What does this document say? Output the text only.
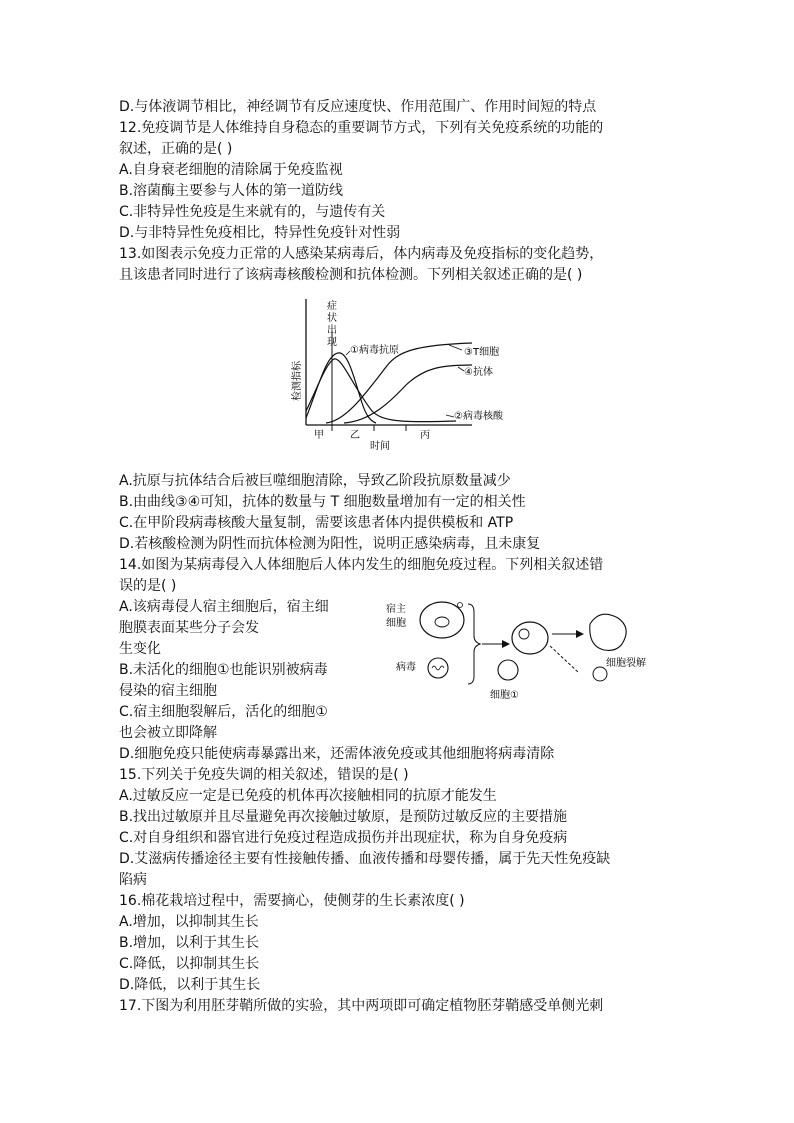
D.与体液调节相比，神经调节有反应速度快、作用范围广、作用时间短的特点
12.免疫调节是人体维持自身稳态的重要调节方式，下列有关免疫系统的功能的
叙述，正确的是( )
A.自身衰老细胞的清除属于免疫监视
B.溶菌酶主要参与人体的第一道防线
C.非特异性免疫是生来就有的，与遗传有关
D.与非特异性免疫相比，特异性免疫针对性弱
13.如图表示免疫力正常的人感染某病毒后，体内病毒及免疫指标的变化趋势，
且该患者同时进行了该病毒核酸检测和抗体检测。下列相关叙述正确的是( )
症
状
出
现
检测指标
①病毒抗原	③T细胞
④抗体
②病毒核酸
甲	乙
时间
丙
A.抗原与抗体结合后被巨噬细胞清除，导致乙阶段抗原数量减少
B.由曲线③④可知，抗体的数量与 T 细胞数量增加有一定的相关性
C.在甲阶段病毒核酸大量复制，需要该患者体内提供模板和 ATP
D.若核酸检测为阴性而抗体检测为阳性，说明正感染病毒，且未康复
14.如图为某病毒侵入人体细胞后人体内发生的细胞免疫过程。下列相关叙述错
误的是( )
A.该病毒侵人宿主细胞后，宿主细
胞膜表面某些分子会发
生变化
B.未活化的细胞①也能识别被病毒
侵染的宿主细胞
C.宿主细胞裂解后，活化的细胞①
也会被立即降解
D.细胞免疫只能使病毒暴露出来，还需体液免疫或其他细胞将病毒清除
宿主
细胞
病毒
细胞①
细胞裂解
15.下列关于免疫失调的相关叙述，错误的是( )
A.过敏反应一定是已免疫的机体再次接触相同的抗原才能发生
B.找出过敏原并且尽量避免再次接触过敏原，是预防过敏反应的主要措施
C.对自身组织和器官进行免疫过程造成损伤并出现症状，称为自身免疫病
D.艾滋病传播途径主要有性接触传播、血液传播和母婴传播，属于先天性免疫缺
陷病
16.棉花栽培过程中，需要摘心，使侧芽的生长素浓度( )
A.增加，以抑制其生长
B.增加，以利于其生长
C.降低，以抑制其生长
D.降低，以利于其生长
17.下图为利用胚芽鞘所做的实验，其中两项即可确定植物胚芽鞘感受单侧光刺
